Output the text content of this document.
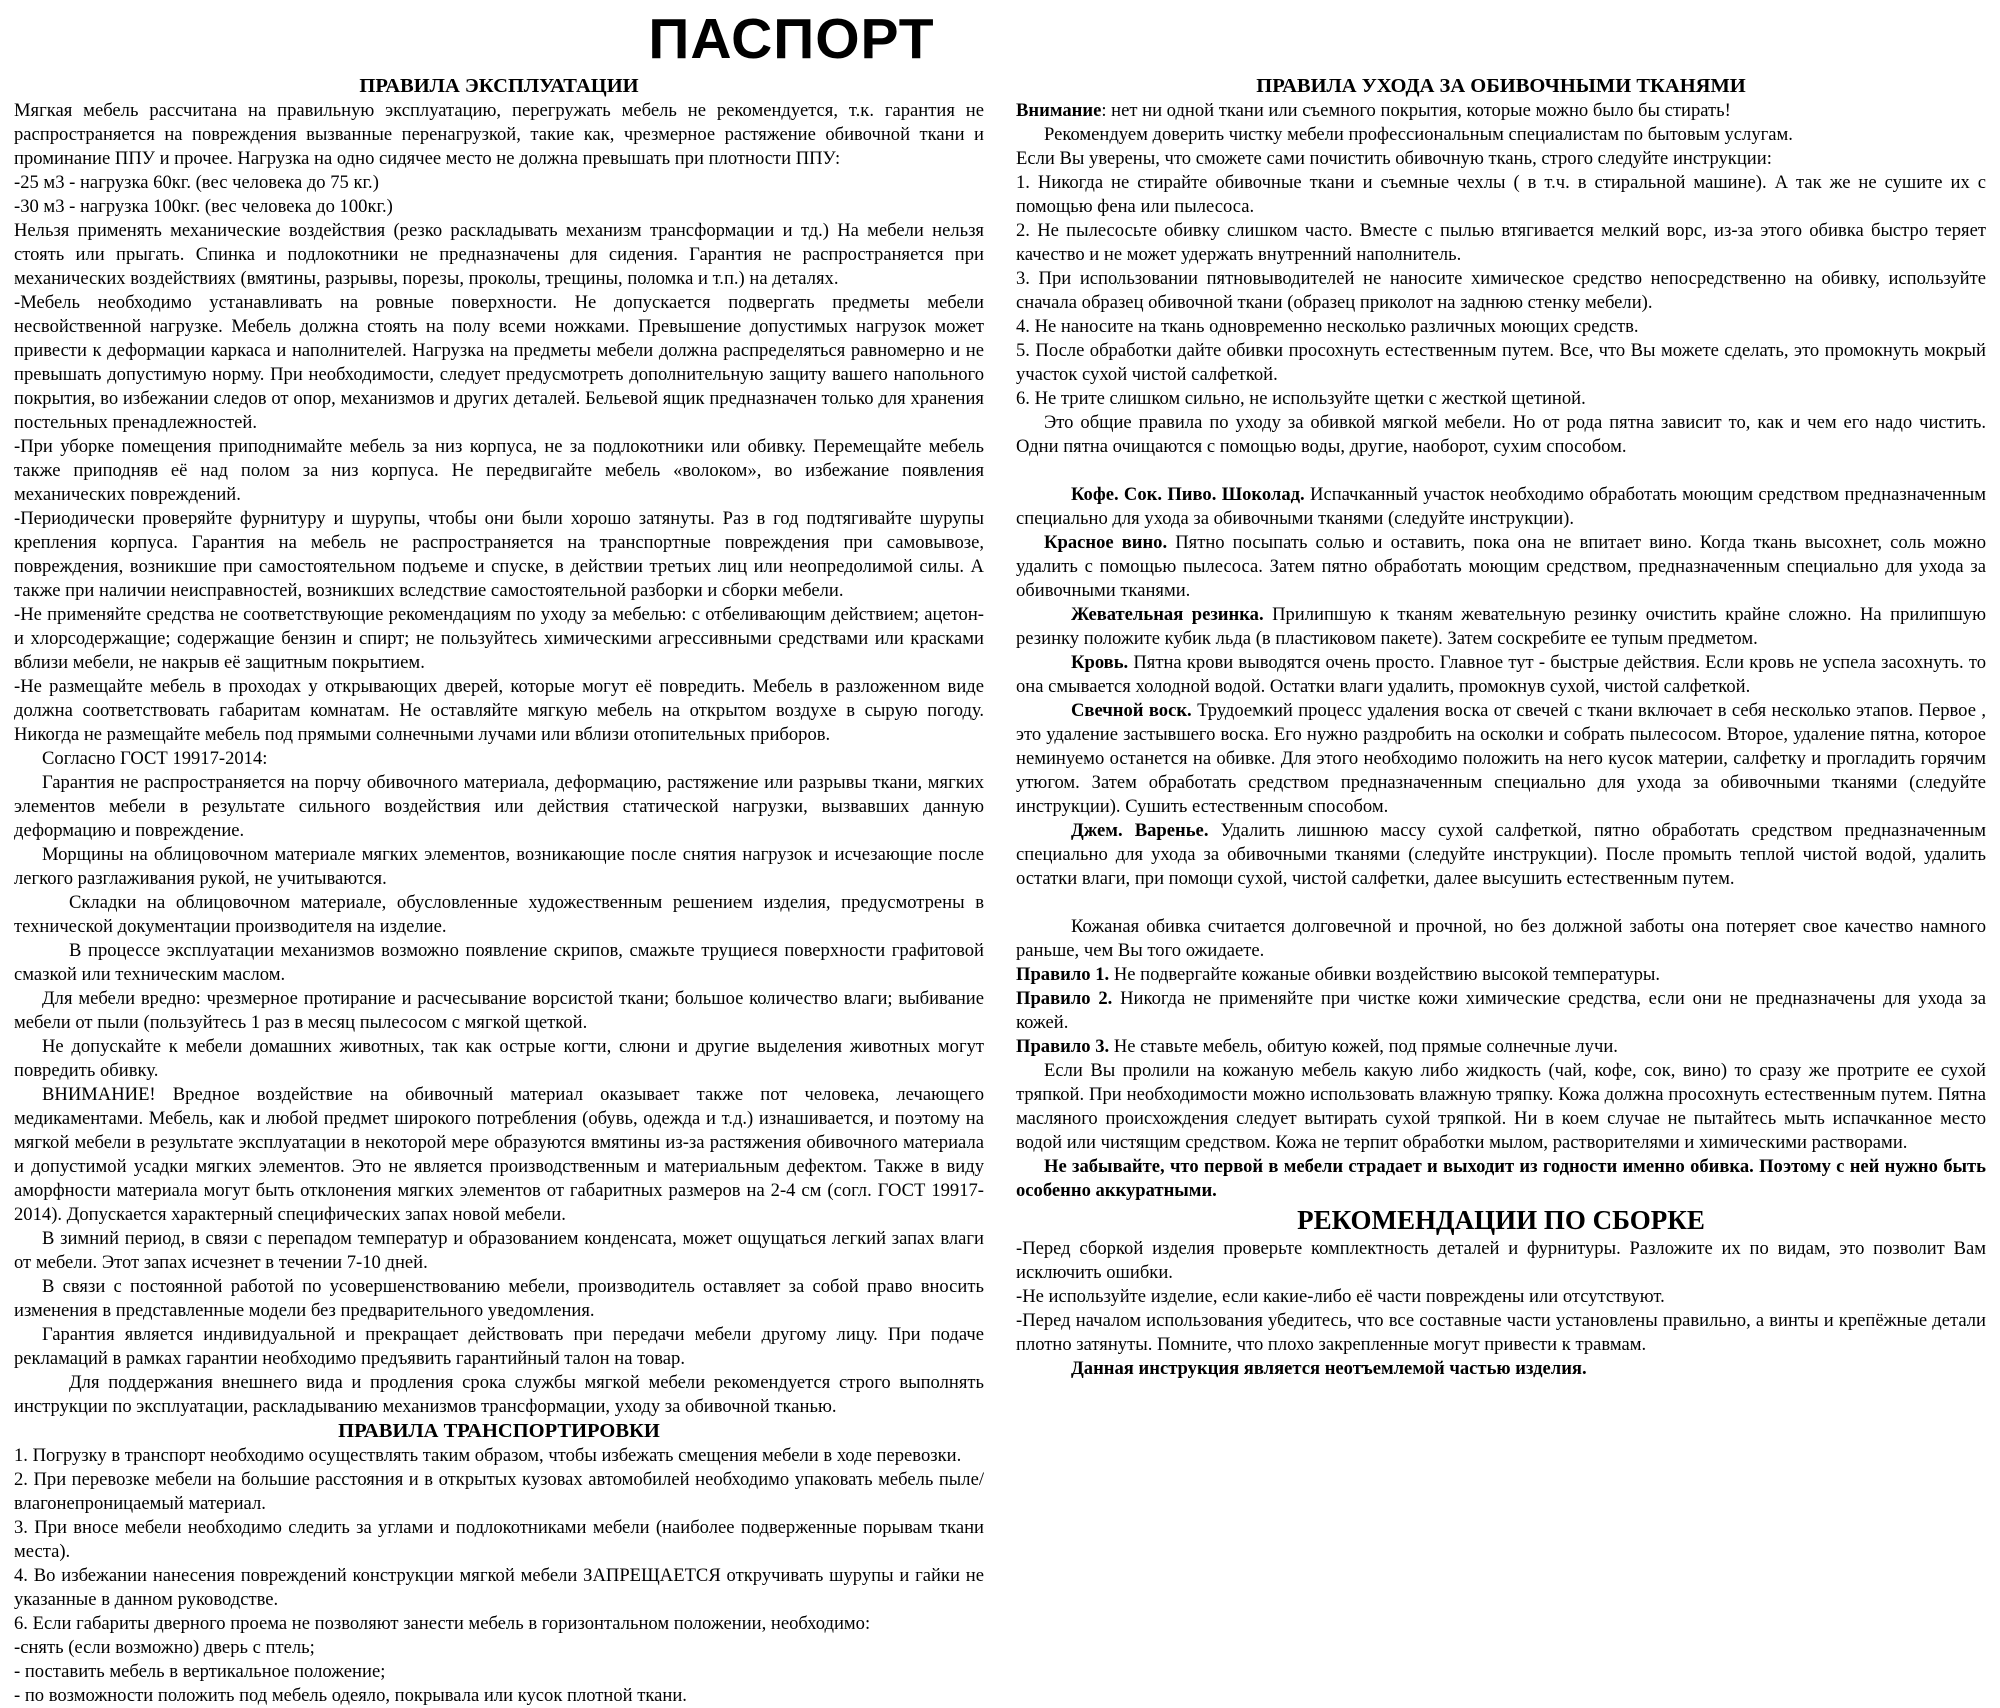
ПАСПОРТ
ПРАВИЛА ЭКСПЛУАТАЦИИ

Мягкая мебель рассчитана на правильную эксплуатацию, перегружать мебель не рекомендуется, т.к. гарантия не распространяется на повреждения вызванные перенагрузкой, такие как, чрезмерное растяжение обивочной ткани и проминание ППУ и прочее. Нагрузка на одно сидячее место не должна превышать при плотности ППУ:

-25 м3 - нагрузка 60кг. (вес человека до 75 кг.)

-30 м3 - нагрузка 100кг. (вес человека до 100кг.)

Нельзя применять механические воздействия (резко раскладывать механизм трансформации и тд.) На мебели нельзя стоять или прыгать. Спинка и подлокотники не предназначены для сидения. Гарантия не распространяется при механических воздействиях (вмятины, разрывы, порезы, проколы, трещины, поломка и т.п.) на деталях.

-Мебель необходимо устанавливать на ровные поверхности. Не допускается подвергать предметы мебели несвойственной нагрузке. Мебель должна стоять на полу всеми ножками. Превышение допустимых нагрузок может привести к деформации каркаса и наполнителей. Нагрузка на предметы мебели должна распределяться равномерно и не превышать допустимую норму. При необходимости, следует предусмотреть дополнительную защиту вашего напольного покрытия, во избежании следов от опор, механизмов и других деталей. Бельевой ящик предназначен только для хранения постельных пренадлежностей.

-При уборке помещения приподнимайте мебель за низ корпуса, не за подлокотники или обивку. Перемещайте мебель также приподняв её над полом за низ корпуса. Не передвигайте мебель «волоком», во избежание появления механических повреждений.

-Периодически проверяйте фурнитуру и шурупы, чтобы они были хорошо затянуты. Раз в год подтягивайте шурупы крепления корпуса. Гарантия на мебель не распространяется на транспортные повреждения при самовывозе, повреждения, возникшие при самостоятельном подъеме и спуске, в действии третьих лиц или неопредолимой силы. А также при наличии неисправностей, возникших вследствие самостоятельной разборки и сборки мебели.

-Не применяйте средства не соответствующие рекомендациям по уходу за мебелью: с отбеливающим действием; ацетон- и хлорсодержащие; содержащие бензин и спирт; не пользуйтесь химическими агрессивными средствами или красками вблизи мебели, не накрыв её защитным покрытием.

-Не размещайте мебель в проходах у открывающих дверей, которые могут её повредить. Мебель в разложенном виде должна соответствовать габаритам комнатам. Не оставляйте мягкую мебель на открытом воздухе в сырую погоду. Никогда не размещайте мебель под прямыми солнечными лучами или вблизи отопительных приборов.

Согласно ГОСТ 19917-2014:

Гарантия не распространяется на порчу обивочного материала, деформацию, растяжение или разрывы ткани, мягких элементов мебели в результате сильного воздействия или действия статической нагрузки, вызвавших данную деформацию и повреждение.

Морщины на облицовочном материале мягких элементов, возникающие после снятия нагрузок и исчезающие после легкого разглаживания рукой, не учитываются.

Складки на облицовочном материале, обусловленные художественным решением изделия, предусмотрены в технической документации производителя на изделие.

В процессе эксплуатации механизмов возможно появление скрипов, смажьте трущиеся поверхности графитовой смазкой или техническим маслом.

Для мебели вредно: чрезмерное протирание и расчесывание ворсистой ткани; большое количество влаги; выбивание мебели от пыли (пользуйтесь 1 раз в месяц пылесосом с мягкой щеткой.

Не допускайте к мебели домашних животных, так как острые когти, слюни и другие выделения животных могут повредить обивку.

ВНИМАНИЕ! Вредное воздействие на обивочный материал оказывает также пот человека, лечающего медикаментами. Мебель, как и любой предмет широкого потребления (обувь, одежда и т.д.) изнашивается, и поэтому на мягкой мебели в результате эксплуатации в некоторой мере образуются вмятины из-за растяжения обивочного материала и допустимой усадки мягких элементов. Это не является производственным и материальным дефектом. Также в виду аморфности материала могут быть отклонения мягких элементов от габаритных размеров на 2-4 см (согл. ГОСТ 19917-2014). Допускается характерный специфических запах новой мебели.

В зимний период, в связи с перепадом температур и образованием конденсата, может ощущаться легкий запах влаги от мебели. Этот запах исчезнет в течении 7-10 дней.

В связи с постоянной работой по усовершенствованию мебели, производитель оставляет за собой право вносить изменения в представленные модели без предварительного уведомления.

Гарантия является индивидуальной и прекращает действовать при передачи мебели другому лицу. При подаче рекламаций в рамках гарантии необходимо предъявить гарантийный талон на товар.

Для поддержания внешнего вида и продления срока службы мягкой мебели рекомендуется строго выполнять инструкции по эксплуатации, раскладыванию механизмов трансформации, уходу за обивочной тканью.

ПРАВИЛА ТРАНСПОРТИРОВКИ

1. Погрузку в транспорт необходимо осуществлять таким образом, чтобы избежать смещения мебели в ходе перевозки.

2. При перевозке мебели на большие расстояния и в открытых кузовах автомобилей необходимо упаковать мебель пыле/влагонепроницаемый материал.

3. При вносе мебели необходимо следить за углами и подлокотниками мебели (наиболее подверженные порывам ткани места).

4. Во избежании нанесения повреждений конструкции мягкой мебели ЗАПРЕЩАЕТСЯ откручивать шурупы и гайки не указанные в данном руководстве.

6. Если габариты дверного проема не позволяют занести мебель в горизонтальном положении, необходимо:

-снять (если возможно) дверь с птель;

- поставить мебель в вертикальное положение;

- по возможности положить под мебель одеяло, покрывала или кусок плотной ткани.

ПРАВИЛА УХОДА ЗА ОБИВОЧНЫМИ ТКАНЯМИ

Внимание: нет ни одной ткани или съемного покрытия, которые можно было бы стирать!

Рекомендуем доверить чистку мебели профессиональным специалистам по бытовым услугам.

Если Вы уверены, что сможете сами почистить обивочную ткань, строго следуйте инструкции:

1. Никогда не стирайте обивочные ткани и съемные чехлы ( в т.ч. в стиральной машине). А так же не сушите их с помощью фена или пылесоса.

2. Не пылесосьте обивку слишком часто. Вместе с пылью втягивается мелкий ворс, из-за этого обивка быстро теряет качество и не может удержать внутренний наполнитель.

3. При использовании пятновыводителей не наносите химическое средство непосредственно на обивку, используйте сначала образец обивочной ткани (образец приколот на заднюю стенку мебели).

4. Не наносите на ткань одновременно несколько различных моющих средств.

5. После обработки дайте обивки просохнуть естественным путем. Все, что Вы можете сделать, это промокнуть мокрый участок сухой чистой салфеткой.

6. Не трите слишком сильно, не используйте щетки с жесткой щетиной.

Это общие правила по уходу за обивкой мягкой мебели. Но от рода пятна зависит то, как и чем его надо чистить. Одни пятна очищаются с помощью воды, другие, наоборот, сухим способом.

Кофе. Сок. Пиво. Шоколад. Испачканный участок необходимо обработать моющим средством предназначенным специально для ухода за обивочными тканями (следуйте инструкции).

Красное вино. Пятно посыпать солью и оставить, пока она не впитает вино. Когда ткань высохнет, соль можно удалить с помощью пылесоса. Затем пятно обработать моющим средством, предназначенным специально для ухода за обивочными тканями.

Жевательная резинка. Прилипшую к тканям жевательную резинку очистить крайне сложно. На прилипшую резинку положите кубик льда (в пластиковом пакете). Затем соскребите ее тупым предметом.

Кровь. Пятна крови выводятся очень просто. Главное тут - быстрые действия. Если кровь не успела засохнуть. то она смывается холодной водой. Остатки влаги удалить, промокнув сухой, чистой салфеткой.

Свечной воск. Трудоемкий процесс удаления воска от свечей с ткани включает в себя несколько этапов. Первое , это удаление застывшего воска. Его нужно раздробить на осколки и собрать пылесосом. Второе, удаление пятна, которое неминуемо останется на обивке. Для этого необходимо положить на него кусок материи, салфетку и прогладить горячим утюгом. Затем обработать средством предназначенным специально для ухода за обивочными тканями (следуйте инструкции). Сушить естественным способом.

Джем. Варенье. Удалить лишнюю массу сухой салфеткой, пятно обработать средством предназначенным специально для ухода за обивочными тканями (следуйте инструкции). После промыть теплой чистой водой, удалить остатки влаги, при помощи сухой, чистой салфетки, далее высушить естественным путем.

Кожаная обивка считается долговечной и прочной, но без должной заботы она потеряет свое качество намного раньше, чем Вы того ожидаете.

Правило 1. Не подвергайте кожаные обивки воздействию высокой температуры.

Правило 2. Никогда не применяйте при чистке кожи химические средства, если они не предназначены для ухода за кожей.

Правило 3. Не ставьте мебель, обитую кожей, под прямые солнечные лучи.

Если Вы пролили на кожаную мебель какую либо жидкость (чай, кофе, сок, вино) то сразу же протрите ее сухой тряпкой. При необходимости можно использовать влажную тряпку. Кожа должна просохнуть естественным путем. Пятна масляного происхождения следует вытирать сухой тряпкой. Ни в коем случае не пытайтесь мыть испачканное место водой или чистящим средством. Кожа не терпит обработки мылом, растворителями и химическими растворами.

Не забывайте, что первой в мебели страдает и выходит из годности именно обивка. Поэтому с ней нужно быть особенно аккуратными.

РЕКОМЕНДАЦИИ ПО СБОРКЕ

-Перед сборкой изделия проверьте комплектность деталей и фурнитуры. Разложите их по видам, это позволит Вам исключить ошибки.

-Не используйте изделие, если какие-либо её части повреждены или отсутствуют.

-Перед началом использования убедитесь, что все составные части установлены правильно, а винты и крепёжные детали плотно затянуты. Помните, что плохо закрепленные могут привести к травмам.

Данная инструкция является неотъемлемой частью изделия.
